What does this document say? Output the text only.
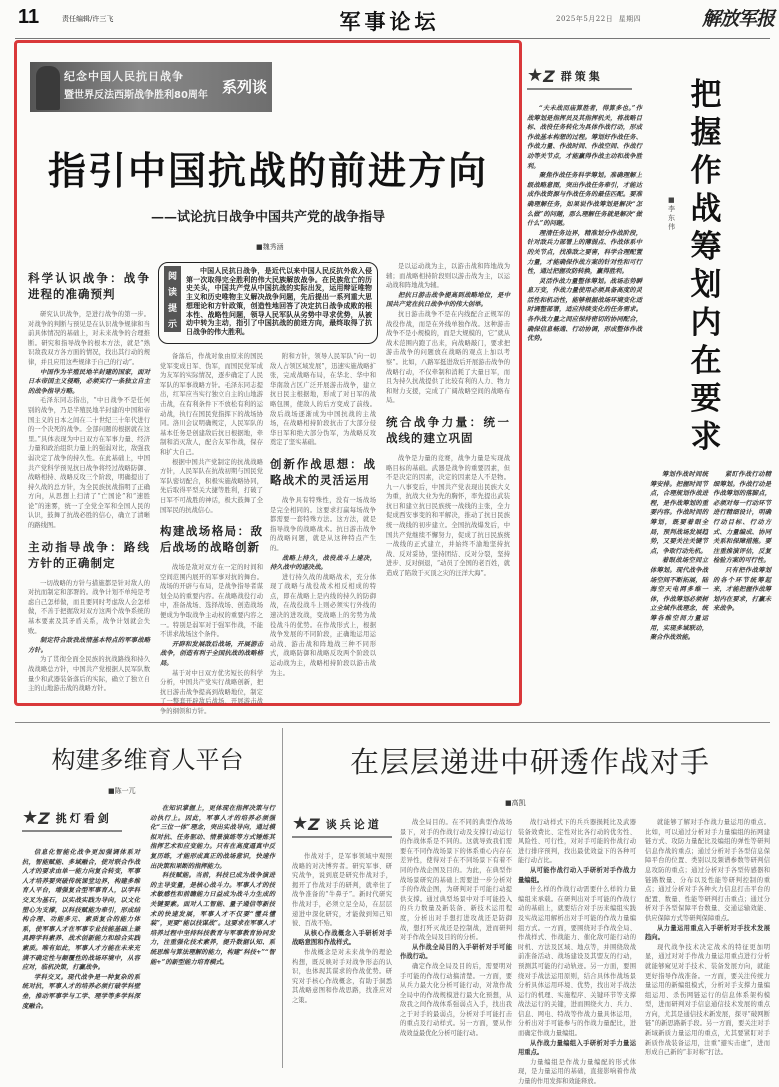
11	责任编辑/许三飞	军事论坛	2025年5月22日 星期四	解放军报
纪念中国人民抗日战争
暨世界反法西斯战争胜利80周年 系列谈
指引中国抗战的前进方向
——试论抗日战争中国共产党的战争指导
■魏秀涵
阅
读
提
示
中国人民抗日战争，是近代以来中国人民反抗外敌入侵第一次取得完全胜利的伟大民族解放战争。在民族危亡的历史关头，中国共产党从中国抗战的实际出发，运用辩证唯物主义和历史唯物主义解决战争问题，先后提出一系列重大思想理论和方针政策，创造性地回答了决定抗日战争成败的根本性、战略性问题，领导人民军队从劣势中寻求优势，从被动中转为主动，指引了中国抗战的前进方向，最终取得了抗日战争的伟大胜利。
科学认识战争：战争进程的准确预判

研究认识战争，是进行战争的第一步。对战争的判断与预见是在认识战争规律和当前具体情况的基础上，对未来战争的合理推断。研究和指导战争的根本方法，就是“熟识敌我双方各方面的情况，找出其行动的规律，并且应用这些规律于自己的行动”。

中国作为半殖民地半封建的国家，面对日本帝国主义侵略，必须实行一条独立自主的战争指导方略。

毛泽东同志指出，“中日战争不是任何别的战争，乃是半殖民地半封建的中国和帝国主义的日本之间在二十世纪三十年代进行的一个决死的战争。全部问题的根据就在这里。”具体表现为中日双方在军事力量、经济力量和政治组织力量上的强弱对比，敌强我弱决定了战争的持久性。在此基础上，中国共产党科学预见抗日战争将经过战略防御、战略相持、战略反攻三个阶段，明确提出了持久战的总方针，为全民族抗战指明了正确方向，从思想上扫清了“亡国论”和“速胜论”的迷雾，统一了全党全军和全国人民的认识，鼓舞了抗战必胜的信心，确立了清晰的路线图。

主动指导战争：路线方针的正确制定

一切战略的方针与措施都是针对敌人的对抗而制定和部署的。战争计划不单纯是考虑自己怎样做，而且要同时考虑敌人会怎样做，不善于把握敌对双方这两个战争系统的基本要素及其矛盾关系，战争计划就会失败。

制定符合敌我战情基本特点的军事战略方针。

为了贯彻全面全民族的抗战路线和持久战战略总方针，中国共产党根据人民军队数量少和武器装备落后的实际，确立了独立自主的山地游击战的战略方针。

备落后，作战对象由原来的国民党军变成日军、伪军，而国民党军成为友军的实际情况，逐步确定了人民军队的军事战略方针。毛泽东同志提出，红军应当实行独立自主的山地游击战，在有利条件下不放松有利的运动战，执行在国民党指挥下的战场协同。洛川会议明确规定，人民军队的基本任务是创建敌后抗日根据地，牵制和消灭敌人，配合友军作战，保存和扩大自己。

根据中国共产党制定的抗战战略方针，人民军队在抗战初期与国民党军队密切配合，积极实施战略协同，先后取得平型关大捷等胜利，打破了日军不可战胜的神话，极大鼓舞了全国军民的抗战信心。

构建战场格局：敌后战场的战略创新

战场是敌对双方在一定的时间和空间范围内展开的军事对抗的舞台。战场的开辟与布局，是战争指导者谋划全局的重要内容。在战略战役行动中，准备战场、选择战场、创造战场便成为争取战争主动权的重要内容之一。特别是弱军对于强军作战，不能不讲求战场这个条件。

开辟和发展敌后战场，开展游击战争，创造有利于全国抗战的战略格局。

基于对中日双方优劣短长的科学分析，中国共产党实行战略创新，把抗日游击战争提高到战略地位，制定了一整套开辟敌后战场、开展游击战争的纲领和方针。

附和方针，领导人民军队“向一切敌人占领区域发展”，迅速实施战略扩张，完成战略布局，在华北、华中和华南敌占区广泛开展游击战争，建立抗日民主根据地，形成了对日军的战略包围，使敌人的后方变成了前线。敌后战场逐渐成为中国抗战的主战场，在战略相持阶段抗击了大部分侵华日军和绝大部分伪军，为战略反攻奠定了坚实基础。

创新作战思想：战略战术的灵活运用

战争具有特殊性，没有一场战场是完全相同的。这要求打赢每场战争都需要一套特殊方法。这方法，就是指导战争的战略战术。抗日游击战争的战略问题，就是从这种特点产生的。

战略上持久，战役战斗上速决，持久战中的速决战。

进行持久战的战略战术，充分体现了战略与战役战术相反相成的特点，即在战略上是内线的持久的防御战，在战役战斗上则必须实行外线的速决的进攻战，变战略上的劣势为战役战斗的优势。在作战形式上，根据战争发展的不同阶段，正确地运用运动战、游击战和阵地战三种不同形式，战略防御和战略反攻两个阶段以运动战为主，战略相持阶段以游击战为主。

是以运动战为主，以游击战和阵地战为辅；而战略相持阶段则以游击战为主，以运动战和阵地战为辅。

把抗日游击战争提高到战略地位，是中国共产党在抗日战争中的伟大创举。

抗日游击战争不是在内线配合正规军的战役作战，而是在外线单独作战。这种游击战争不是小规模的，而是大规模的，它“就从战术范围内跑了出来，向战略敲门，要求把游击战争的问题放在战略的观点上加以考察”。比如，八路军挺进敌后开展游击战争的战略行动，不仅牵制和消耗了大量日军，而且为持久抗战提供了比较有利的人力、物力和财力支援，完成了广阔战略空间的战略布局。

统合战争力量：统一战线的建立巩固

战争是力量的竞赛，战争力量是实现战略目标的基础。武器是战争的重要因素，但不是决定的因素，决定的因素是人不是物。九一八事变后，中国共产党表现出民族大义为重，抗战大业为先的胸怀，率先提出武装抗日和建立抗日民族统一战线的主张，全力促成西安事变的和平解决，推动了抗日民族统一战线的初步建立。全国抗战爆发后，中国共产党继续不懈努力，促成了抗日民族统一战线的正式建立，并始终不渝地坚持抗战、反对妥协，坚持团结、反对分裂，坚持进步、反对倒退，“动员了全国的老百姓，就造成了陷敌于灭顶之灾的汪洋大海”。

★ Z 群策集
把
握
作
战
筹
划
内
在
要
求
■李东伟

“夫未战而庙算胜者，得算多也。”作战筹划是指挥员及其指挥机关，将战略目标、战役任务转化为具体作战行动，形成作战基本构想的过程。筹划好作战任务、作战力量、作战时间、作战空间、作战行动等关节点，才能赢得作战主动和战争胜利。

聚焦作战任务科学筹划。准确理解上级战略意图，突出作战任务牵引，才能达成作战资源与作战任务的最佳匹配。要准确理解任务，如果说作战筹划是解决“怎么做”的问题，那么理解任务就是解决“做什么”的问题。

理清任务边界，精准划分作战阶段，针对敌兵力部署上的薄弱点、作战体系中的关节点，找准敌之要害，科学合理配置力量，才能确保作战方案的针对性和可行性，通过把握攻防转换，赢得胜利。

灵活作战力量整体筹划。战场态势瞬息万变，作战力量使用必须具备高度的灵活性和机动性，能够根据战场环境变化适时调整部署，适应持续变化的任务需求。各作战力量之间应保持密切的协同配合，确保信息畅通、行动协调，形成整体作战优势。

筹划作战时间统筹安排。把握时间节点，合理规划作战进程，是作战筹划的重要内容。作战时间的筹划，既要着眼全局，预判战场发展趋势，又要关注关键节点，争取行动先机。

着眼战场空间立体筹划。现代战争战场空间不断拓展，陆海空天电网多维一体，作战筹划必须树立全域作战理念，统筹各维空间力量运用，实现多域联动，聚合作战效能。

紧盯作战行动精细筹划。作战行动是作战筹划的落脚点，必须对每一行动环节进行精细设计，明确行动目标、行动方式、力量编成、协同关系和保障措施。要注重推演评估，反复检验方案的可行性。

只有把作战筹划的各个环节统筹起来，才能把握作战筹划内在要求，打赢未来战争。

构建多维育人平台
■陈一兀
★ Z 挑灯看剑

信息化智能化战争更加强调体系对抗，智能赋能、多域融合，使对联合作战人才的要求由单一能力向复合转变，军事人才培养要突破传统课堂边界，构建多维育人平台，增强复合型军事育人，以学科交叉为基石，以实战实践为导向，以文化塑心为支撑，以科技赋能为牵引，形成结构合理、功能多元、素质复合的能力体系，使军事人才在军事专业技能基础上兼具跨学科素养、战术创新能力和综合实践素质。唯有如此，军事人才方能在未来充满不确定性与颠覆性的战场环境中，从容应对，临机决策，打赢战争。

学科交叉。现代战争是一种复杂的系统对抗，军事人才的培养必须打破学科壁垒，推动军事学与工学、理学等多学科深度融合。

在知识掌握上，更体现在指挥决策与行动执行上。因此，军事人才的培养必须强化“三位一体”理念，突出实战导向，通过模拟对抗、任务驱动、情景演练等方式锤炼其指挥艺术和应变能力。只有在高度逼真中反复历练，才能形成真正的战场意识，快速作出决策和果断的指挥能力。

科技赋能。当前，科技已成为战争演进的主导变量，是核心战斗力。军事人才的技术敏感性和前瞻能力日益成为战斗力生成的关键要素。面对人工智能、量子通信等新技术的快速发展，军事人才不仅要“懂兵懂装”，更要“能以技谋战”。这要求在军事人才培养过程中坚持科技教育与军事教育协同发力，注重强化技术素养，提升数据认知、系统思维与算法理解的能力，构建“科技+”“智能+”的新型能力培育模式。

在层层递进中研透作战对手
■高凯
★ Z 谈兵论道

作战对手，是军事领域中观照战略的对决博弈者。研究军事、研究战争，说到底是研究作战对手，揭开了作战对手的研判，就牵住了战争准备的“牛鼻子”。新时代研究作战对手，必须立足全局，在层层递进中深化研究，才能做到知己知彼、百战不殆。

从核心作战概念入手研析对手战略意图和作战样式。

作战概念是对未来战争的理论构想，既反映对手对战争形态的认识，也体现其谋求的作战优势。研究对手核心作战概念，有助于洞悉其战略意图和作战思路，找准应对之策。

战全局目的。在不同的典型作战场景下，对手的作战行动及支撑行动运行的作战体系是不同的。这就导致我们需要在不同作战场景下的体系重心内存在差异性，使得对手在不同场景下有着不同的作战企图及目的。为此，在典型作战场景研究的基础上需要进一步分析对手的作战企图，为研判对手可能行动提供支撑。通过典型场景中对手可能投入的兵力数量及新装备、新技术运用程度，分析出对手想打进攻战还是防御战，想打歼灭战还是控制战，进而研判对手作战全局及目的的分析。

从作战全局目的入手研析对手可能作战行动。

确定作战全局及目的后，需要明对手可能的作战行动搞清楚。一方面，要从兵力最大化分析可能行动，对敌作战全局中的作战规模进行最大化预想，从敌我之间作战体系强弱点入手，找出我之于对手的最弱点，分析对手可能打击的重点及行动样式。另一方面，要从作战效益最优化分析可能行动。

战行动样式下的兵兵器损耗比及武器装备效费比、定性对比各行动的优劣性、风险性、可行性，对对手可能的作战行动进行排序预判，找出最优效益下的各种可能行动占比。

从可能作战行动入手研析对手作战力量编组。

什么样的作战行动需要什么样的力量编组来承载。在研判出对手可能的作战行动的基础上，就要结合对手历来编组实践及实战运用解析出对手可能的作战力量编组方式。一方面，要围绕对手作战全局、作战样式、作战能力、催化敌可能行动的时机、方法及区域、地点等，并围绕敌战前准备活动、战场建设及其盟友的行动，预测其可能的行动轨迹。另一方面，要围绕对手战法运用原则，结合具体作战场景分析具体运用环境、优势，找出对手战法运行的机理、实施程序、关键环节等支撑战法运行的关键，进而围绕火力、兵力、信息、网电、特战等作战力量具体运用，分析出对手可能参与的作战力量配比，进而确定作战力量编组。

从作战力量编组入手研析对手力量运用重点。

力量编组是作战力量编配的形式体现，是力量运用的基础，直接影响着作战力量的作用发挥和效能释放。

就能够了解对手作战力量运用的重点。比如，可以通过分析对手力量编组的拓网建链方式、攻防力量配比及编组的弹性等研判信息作战的重点；通过分析对手各型信息保障平台的位置、类别以及频谱参数等研判信息攻防的重点；通过分析对手各型传感器和链路数量、分布以及性能等研判控制的重点；通过分析对手各种火力信息打击平台的配置、数量、性能等研判打击重点；通过分析对手各型保障平台数量、交通运输效能、供应保障方式等研判保障重点。

从力量运用重点入手研析对手技术发展趋向。

现代战争技术决定战术的特征更加明显，通过对对手作战力量运用重点进行分析就能够窥见对手技术、装备发展方向，就能更好指导作战准备。一方面，要关注传统力量运用的新编组模式，分析对手支撑力量编组运用、杀伤网链运行的信息体系架构模型，进而研判对手信息通信技术发展的重点方向，尤其是通信技术新发展，探寻“破网断链”的新思路新手段。另一方面，要关注对手新域新质力量运用的重点，尤其要紧盯对手新质作战装备运用，注重“避实击虚”，进而形成自己新的“非对称”打法。
